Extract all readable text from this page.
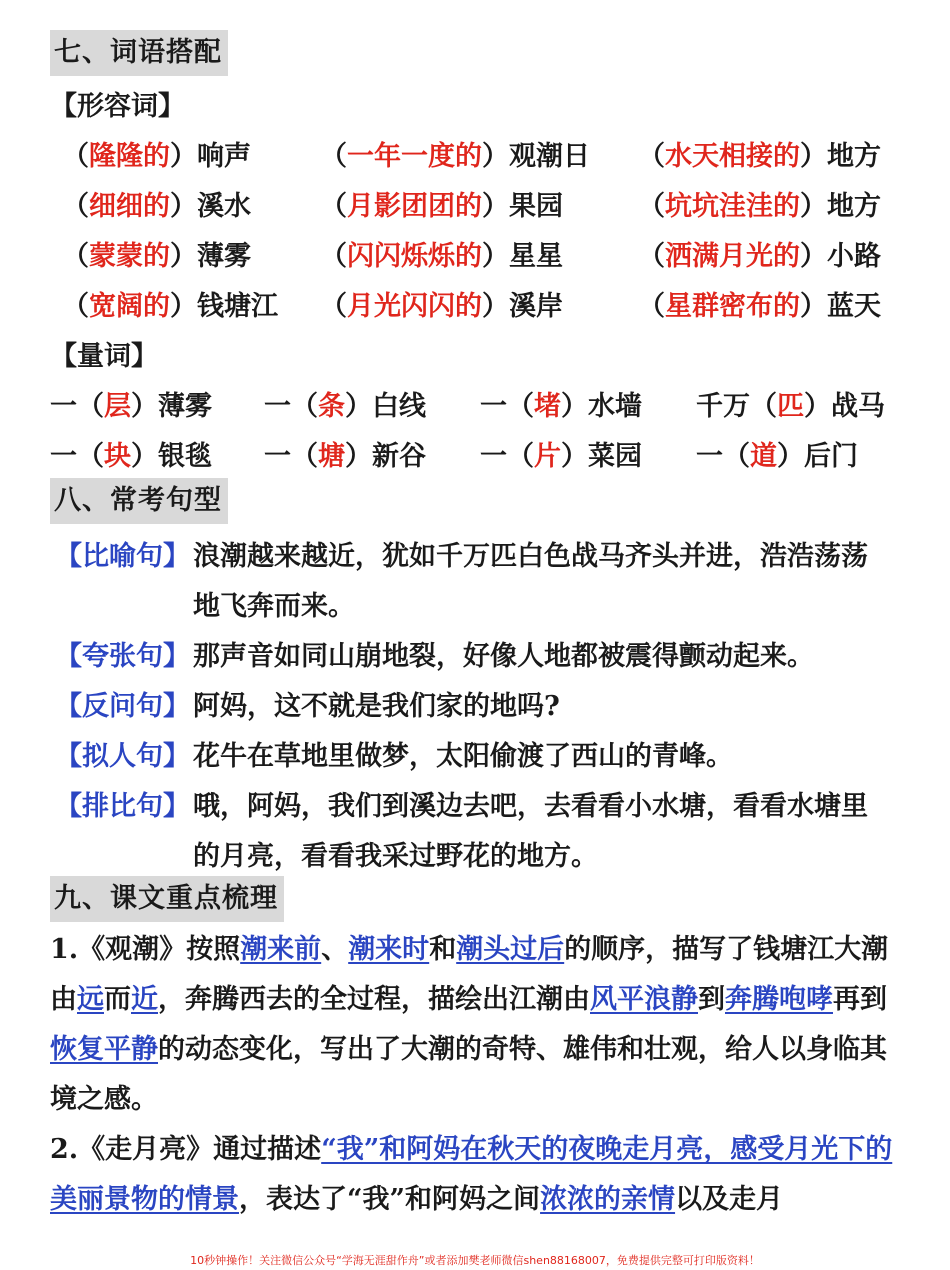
七、词语搭配
【形容词】
（隆隆的）响声	（一年一度的）观潮日 （水天相接的）地方
（细细的）溪水	（月影团团的）果园	（坑坑洼洼的）地方
（蒙蒙的）薄雾	（闪闪烁烁的）星星	（洒满月光的）小路
（宽阔的）钱塘江 （月光闪闪的）溪岸	（星群密布的）蓝天
【量词】
一（层）薄雾 一（条）白线 一（堵）水墙 千万（匹）战马
一（块）银毯 一（塘）新谷 一（片）菜园 一（道）后门
八、常考句型
【比喻句】 浪潮越来越近，犹如千万匹白色战马齐头并进，浩浩荡荡
地飞奔而来。
【夸张句】 那声音如同山崩地裂，好像人地都被震得颤动起来。
【反问句】 阿妈，这不就是我们家的地吗?
【拟人句】 花牛在草地里做梦，太阳偷渡了西山的青峰。
【排比句】 哦，阿妈，我们到溪边去吧，去看看小水塘，看看水塘里
的月亮，看看我采过野花的地方。
九、课文重点梳理
1.《观潮》按照潮来前、潮来时和潮头过后的顺序，描写了钱塘江大潮由远而近，奔腾西去的全过程，描绘出江潮由风平浪静到奔腾咆哮再到恢复平静的动态变化，写出了大潮的奇特、雄伟和壮观，给人以身临其境之感。
2.《走月亮》通过描述“我”和阿妈在秋天的夜晚走月亮，感受月光下的美丽景物的情景，表达了“我”和阿妈之间浓浓的亲情以及走月
10秒钟操作！关注微信公众号“学海无涯甜作舟”或者添加樊老师微信shen88168007，免费提供完整可打印版资料！
